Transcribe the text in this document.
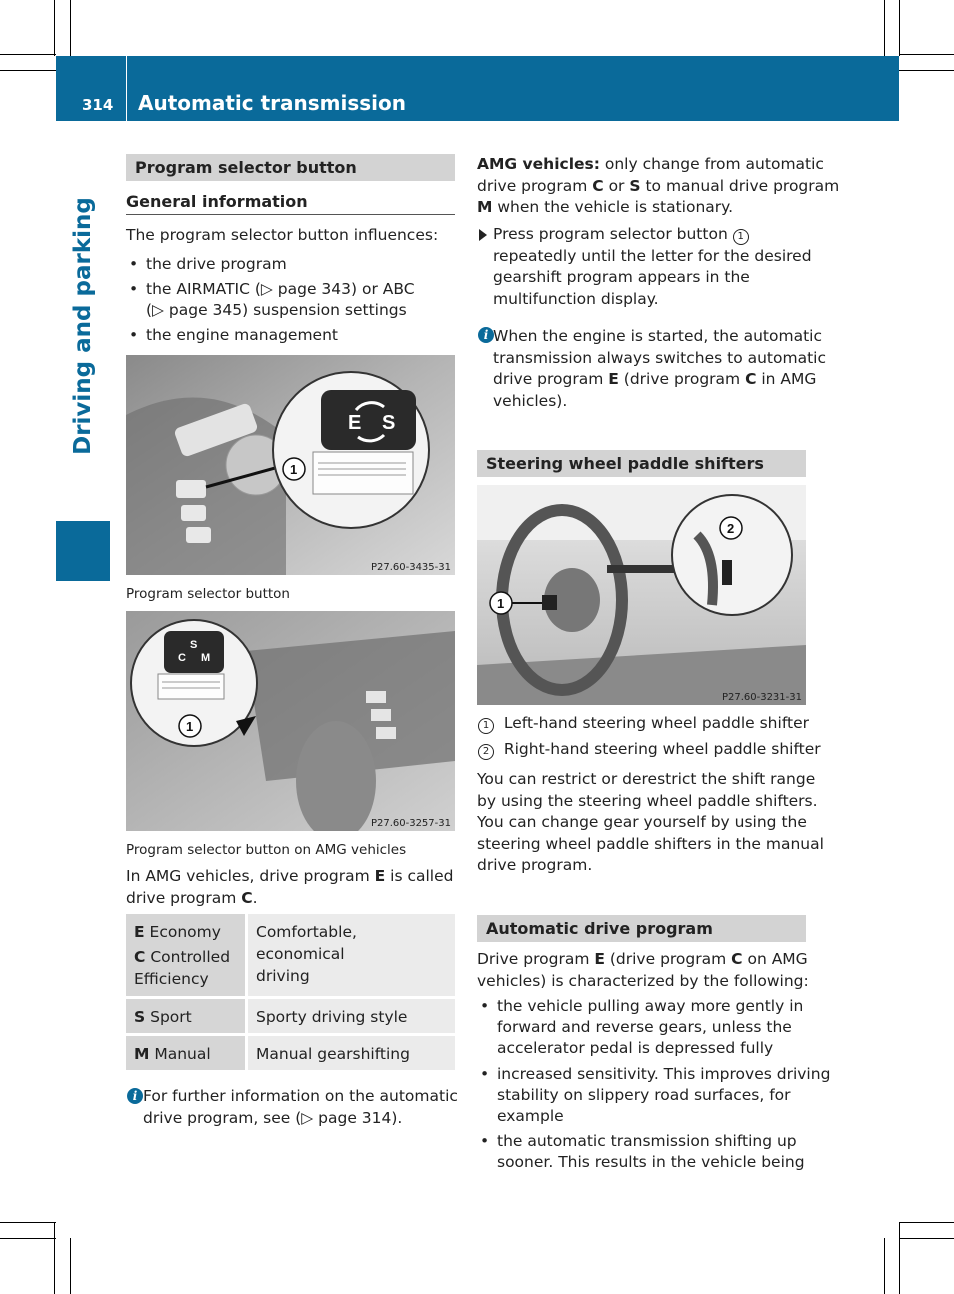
314 Automatic transmission
Driving and parking
Program selector button
General information
The program selector button influences:
• the drive program
• the AIRMATIC (▷ page 343) or ABC
(▷ page 345) suspension settings
• the engine management
E S
1
P27.60-3435-31
Program selector button
S
C M
1
P27.60-3257-31
Program selector button on AMG vehicles
In AMG vehicles, drive program E is called
drive program C.
E Economy

C Controlled
Efficiency
Comfortable, economical
driving
S Sport	Sporty driving style
M Manual	Manual gearshifting
i For further information on the automatic
drive program, see (▷ page 314).
AMG vehicles: only change from automatic
drive program C or S to manual drive program
M when the vehicle is stationary.
Press program selector button 1
repeatedly until the letter for the desired
gearshift program appears in the
multifunction display.
i When the engine is started, the automatic
transmission always switches to automatic
drive program E (drive program C in AMG
vehicles).
Steering wheel paddle shifters
2
1
P27.60-3231-31
1 Left-hand steering wheel paddle shifter
2 Right-hand steering wheel paddle shifter
You can restrict or derestrict the shift range
by using the steering wheel paddle shifters.
You can change gear yourself by using the
steering wheel paddle shifters in the manual
drive program.
Automatic drive program
Drive program E (drive program C on AMG
vehicles) is characterized by the following:
• the vehicle pulling away more gently in
forward and reverse gears, unless the
accelerator pedal is depressed fully
• increased sensitivity. This improves driving
stability on slippery road surfaces, for
example
• the automatic transmission shifting up
sooner. This results in the vehicle being
